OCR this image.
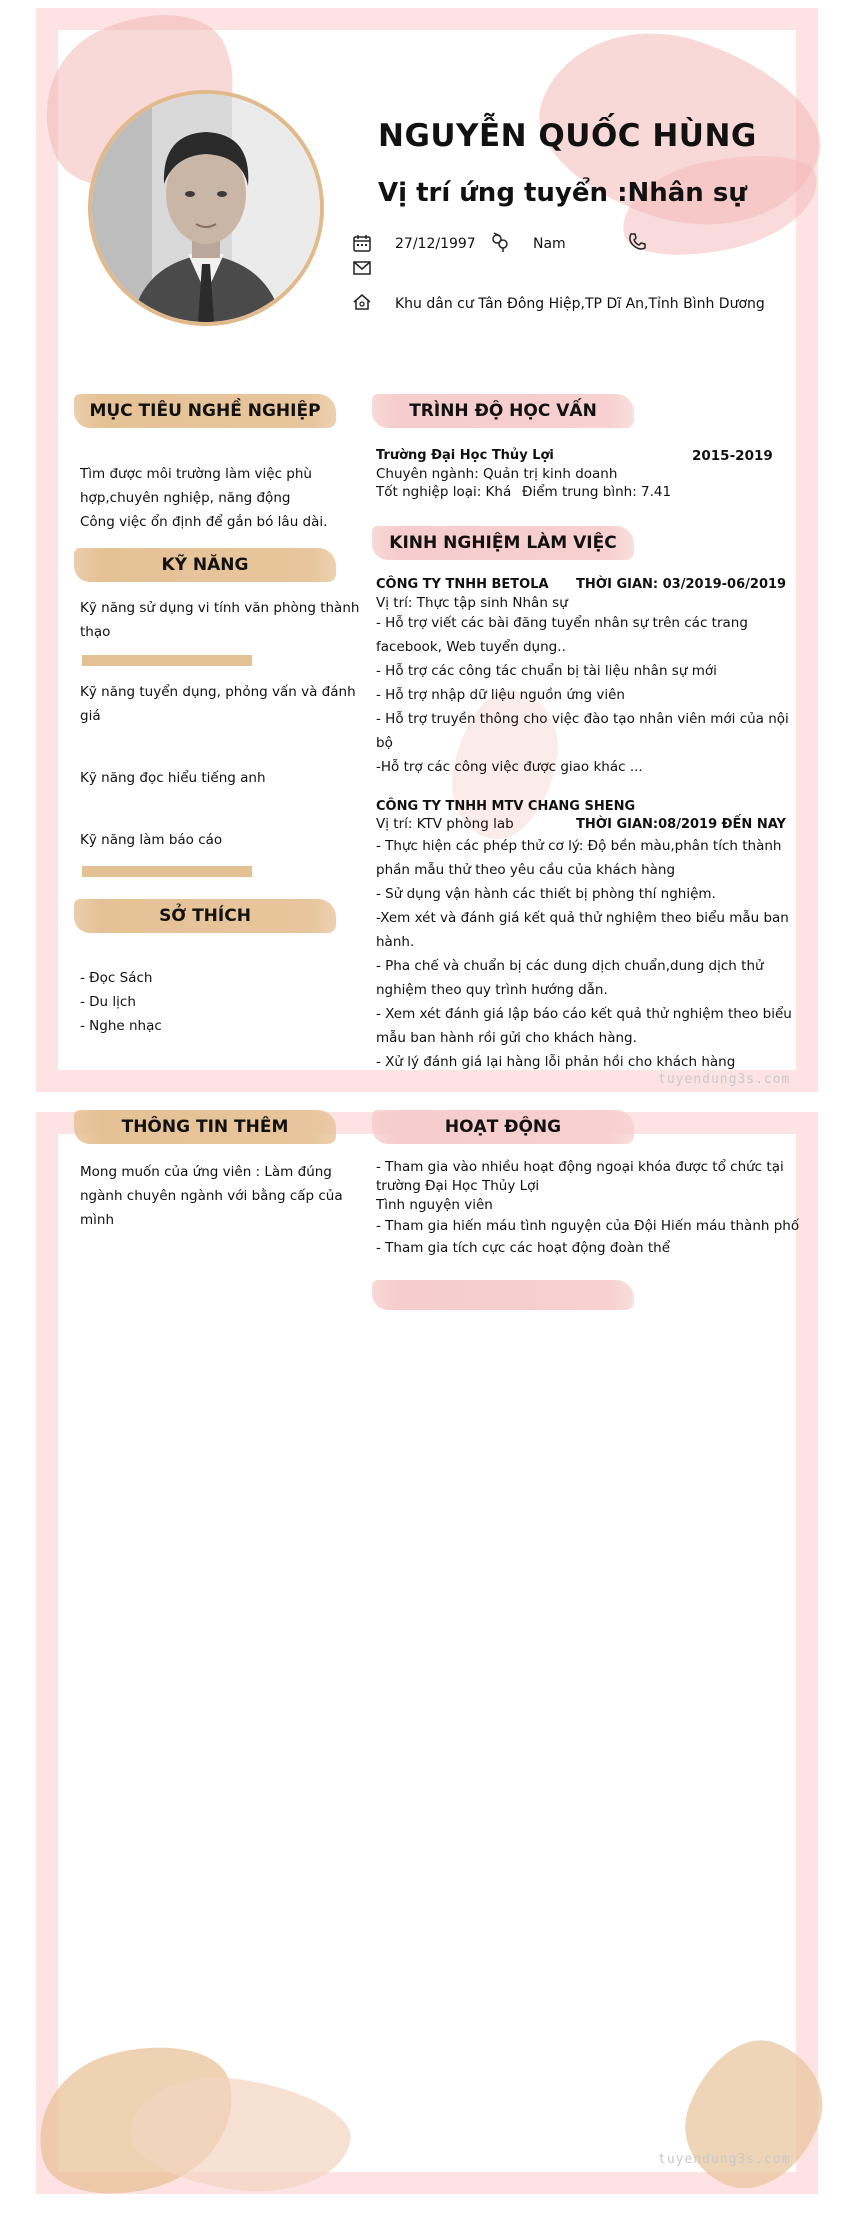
NGUYỄN QUỐC HÙNG
Vị trí ứng tuyển :Nhân sự
27/12/1997	Nam
Khu dân cư Tân Đông Hiệp,TP Dĩ An,Tỉnh Bình Dương
MỤC TIÊU NGHỀ NGHIỆP
Tìm được môi trường làm việc phù
hợp,chuyên nghiệp, năng động
Công việc ổn định để gắn bó lâu dài.
KỸ NĂNG
Kỹ năng sử dụng vi tính văn phòng thành
thạo
Kỹ năng tuyển dụng, phỏng vấn và đánh
giá
Kỹ năng đọc hiểu tiếng anh
Kỹ năng làm báo cáo
SỞ THÍCH
- Đọc Sách
- Du lịch
- Nghe nhạc
TRÌNH ĐỘ HỌC VẤN
Trường Đại Học Thủy Lợi	2015-2019
Chuyên ngành: Quản trị kinh doanh
Tốt nghiệp loại: Khá Điểm trung bình: 7.41
KINH NGHIỆM LÀM VIỆC
CÔNG TY TNHH BETOLA THỜI GIAN: 03/2019-06/2019
Vị trí: Thực tập sinh Nhân sự
- Hỗ trợ viết các bài đăng tuyển nhân sự trên các trang
facebook, Web tuyển dụng..
- Hỗ trợ các công tác chuẩn bị tài liệu nhân sự mới
- Hỗ trợ nhập dữ liệu nguồn ứng viên
- Hỗ trợ truyền thông cho việc đào tạo nhân viên mới của nội
bộ
-Hỗ trợ các công việc được giao khác ...
CÔNG TY TNHH MTV CHANG SHENG
Vị trí: KTV phòng lab	THỜI GIAN:08/2019 ĐẾN NAY
- Thực hiện các phép thử cơ lý: Độ bền màu,phân tích thành
phần mẫu thử theo yêu cầu của khách hàng
- Sử dụng vận hành các thiết bị phòng thí nghiệm.
-Xem xét và đánh giá kết quả thử nghiệm theo biểu mẫu ban
hành.
- Pha chế và chuẩn bị các dung dịch chuẩn,dung dịch thử
nghiệm theo quy trình hướng dẫn.
- Xem xét đánh giá lập báo cáo kết quả thử nghiệm theo biểu
mẫu ban hành rồi gửi cho khách hàng.
- Xử lý đánh giá lại hàng lỗi phản hồi cho khách hàng
tuyendung3s.com
THÔNG TIN THÊM
Mong muốn của ứng viên : Làm đúng
ngành chuyên ngành với bằng cấp của
mình
HOẠT ĐỘNG
- Tham gia vào nhiều hoạt động ngoại khóa được tổ chức tại
trường Đại Học Thủy Lợi
Tình nguyện viên
- Tham gia hiến máu tình nguyện của Đội Hiến máu thành phố
- Tham gia tích cực các hoạt động đoàn thể
tuyendung3s.com
